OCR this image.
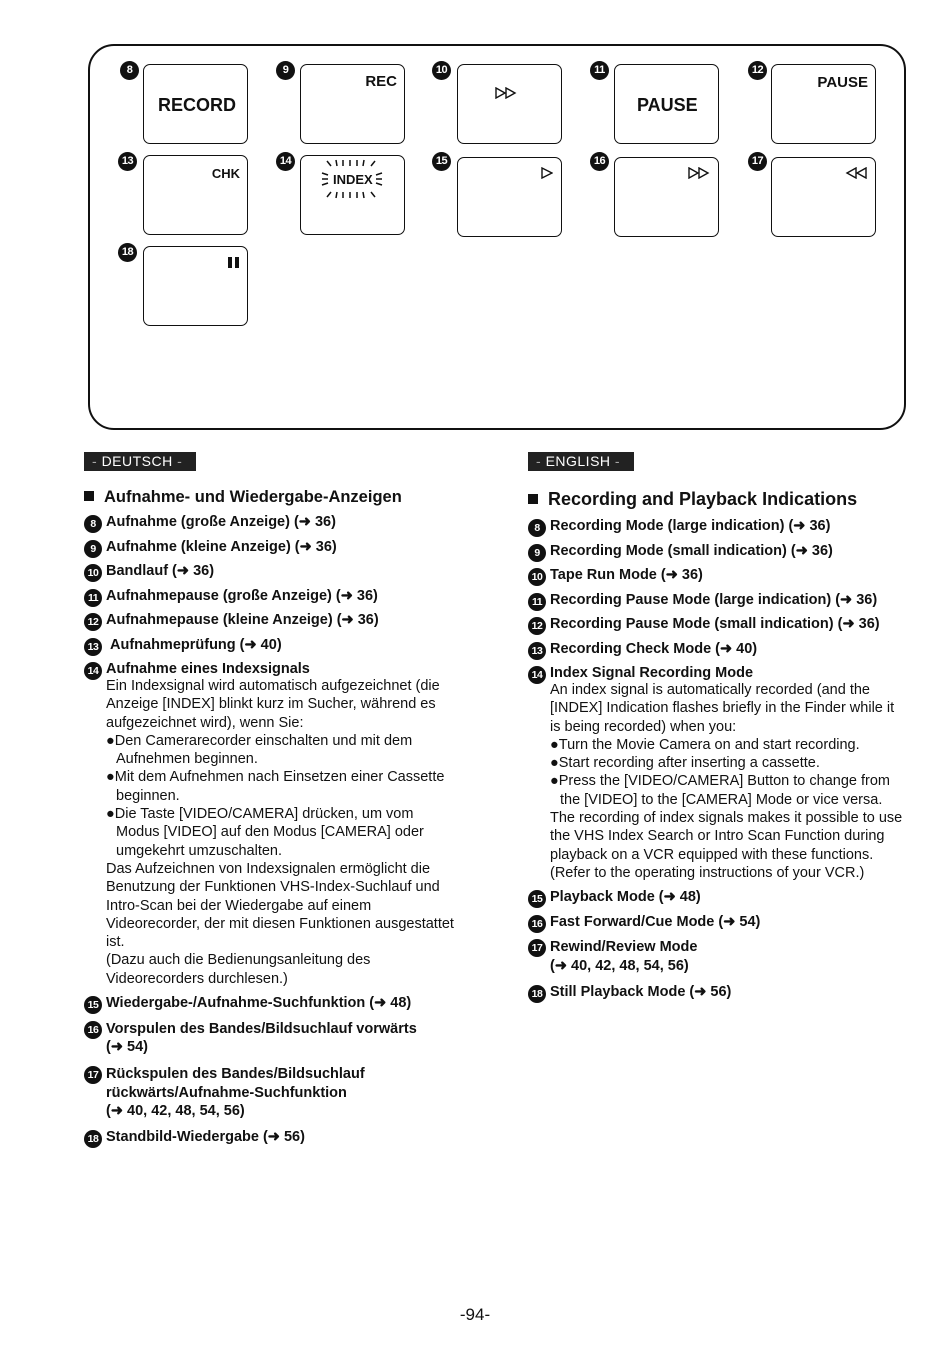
8
RECORD
9
REC
10	11
PAUSE
12
PAUSE
13
CHK
14
INDEX
15	16	17
18
- DEUTSCH -
Aufnahme- und Wiedergabe-Anzeigen
8 Aufnahme (große Anzeige) (➜ 36)
9 Aufnahme (kleine Anzeige) (➜ 36)
10 Bandlauf (➜ 36)
11 Aufnahmepause (große Anzeige) (➜ 36)
12 Aufnahmepause (kleine Anzeige) (➜ 36)
13 Aufnahmeprüfung (➜ 40)
14 Aufnahme eines Indexsignals
Ein Indexsignal wird automatisch aufgezeichnet (die Anzeige [INDEX] blinkt kurz im Sucher, während es aufgezeichnet wird), wenn Sie:
●Den Camerarecorder einschalten und mit dem Aufnehmen beginnen.
●Mit dem Aufnehmen nach Einsetzen einer Cassette beginnen.
●Die Taste [VIDEO/CAMERA] drücken, um vom Modus [VIDEO] auf den Modus [CAMERA] oder umgekehrt umzuschalten.
Das Aufzeichnen von Indexsignalen ermöglicht die Benutzung der Funktionen VHS-Index-Suchlauf und Intro-Scan bei der Wiedergabe auf einem Videorecorder, der mit diesen Funktionen ausgestattet ist.
(Dazu auch die Bedienungsanleitung des Videorecorders durchlesen.)
15 Wiedergabe-/Aufnahme-Suchfunktion (➜ 48)
16 Vorspulen des Bandes/Bildsuchlauf vorwärts
(➜ 54)
17 Rückspulen des Bandes/Bildsuchlauf rückwärts/Aufnahme-Suchfunktion
(➜ 40, 42, 48, 54, 56)
18 Standbild-Wiedergabe (➜ 56)
- ENGLISH -
Recording and Playback Indications
8 Recording Mode (large indication) (➜ 36)
9 Recording Mode (small indication) (➜ 36)
10 Tape Run Mode (➜ 36)
11 Recording Pause Mode (large indication) (➜ 36)
12 Recording Pause Mode (small indication) (➜ 36)
13 Recording Check Mode (➜ 40)
14 Index Signal Recording Mode
An index signal is automatically recorded (and the [INDEX] Indication flashes briefly in the Finder while it is being recorded) when you:
●Turn the Movie Camera on and start recording.
●Start recording after inserting a cassette.
●Press the [VIDEO/CAMERA] Button to change from the [VIDEO] to the [CAMERA] Mode or vice versa.
The recording of index signals makes it possible to use the VHS Index Search or Intro Scan Function during playback on a VCR equipped with these functions.
(Refer to the operating instructions of your VCR.)
15 Playback Mode (➜ 48)
16 Fast Forward/Cue Mode (➜ 54)
17 Rewind/Review Mode
(➜ 40, 42, 48, 54, 56)
18 Still Playback Mode (➜ 56)
-94-
